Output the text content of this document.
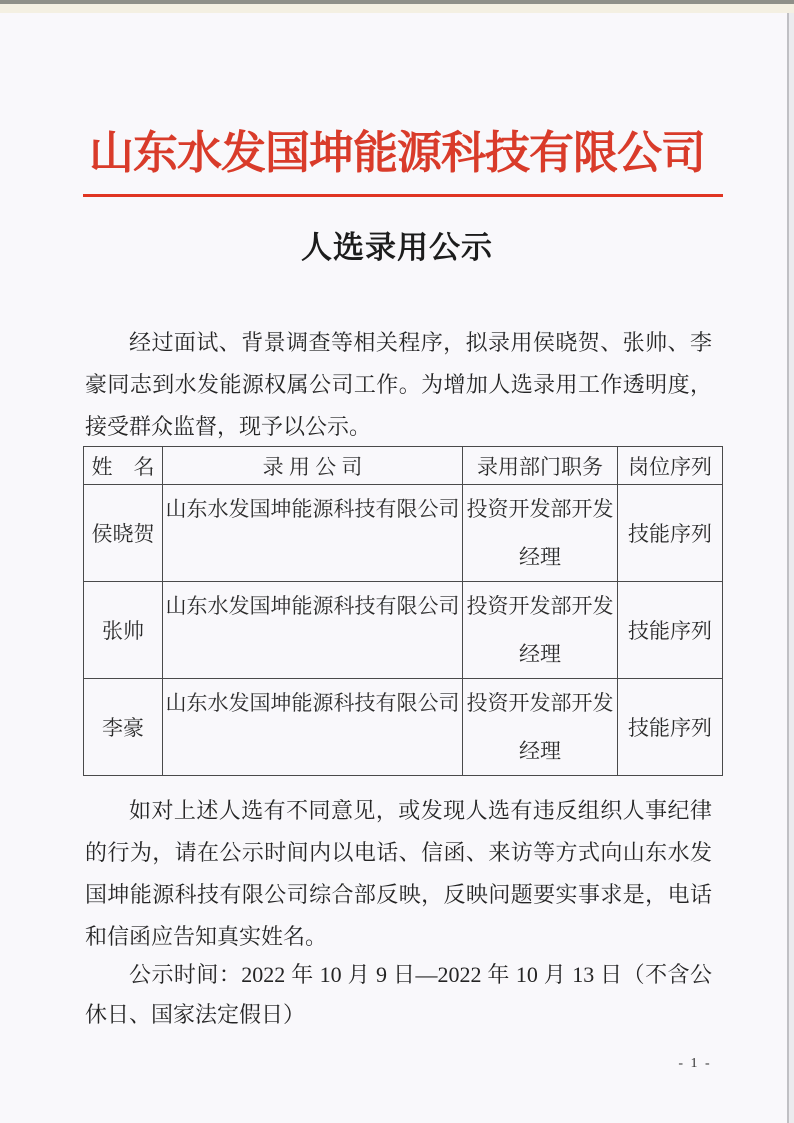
山东水发国坤能源科技有限公司
人选录用公示

经过面试、背景调查等相关程序，拟录用侯晓贺、张帅、李豪同志到水发能源权属公司工作。为增加人选录用工作透明度，接受群众监督，现予以公示。

姓　名	录 用 公 司	录用部门职务	岗位序列
侯晓贺	山东水发国坤能源科技有限公司	投资开发部开发经理	技能序列
张帅	山东水发国坤能源科技有限公司	投资开发部开发经理	技能序列
李豪	山东水发国坤能源科技有限公司	投资开发部开发经理	技能序列

如对上述人选有不同意见，或发现人选有违反组织人事纪律的行为，请在公示时间内以电话、信函、来访等方式向山东水发国坤能源科技有限公司综合部反映，反映问题要实事求是，电话和信函应告知真实姓名。

公示时间：2022 年 10 月 9 日—2022 年 10 月 13 日（不含公休日、国家法定假日）

- 1 -
